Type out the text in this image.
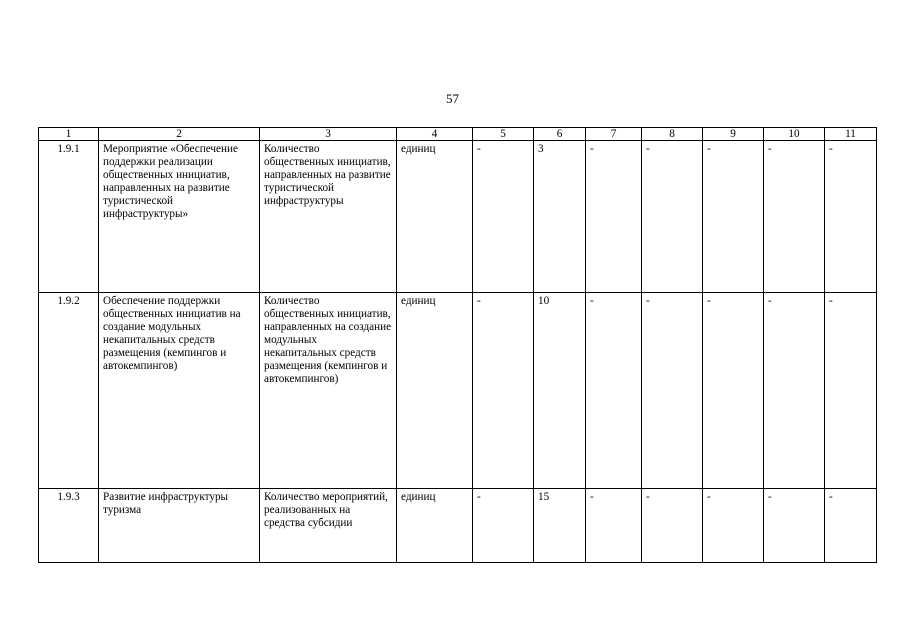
57
1	2	3	4	5	6	7	8	9	10	11
1.9.1	Мероприятие «Обеспечение поддержки реализации общественных инициатив, направленных на развитие туристической инфраструктуры»	Количество общественных инициатив, направленных на развитие туристической инфраструктуры	единиц	-	3	-	-	-	-	-
1.9.2	Обеспечение поддержки общественных инициатив на создание модульных некапитальных средств размещения (кемпингов и автокемпингов)	Количество общественных инициатив, направленных на создание модульных некапитальных средств размещения (кемпингов и автокемпингов)	единиц	-	10	-	-	-	-	-
1.9.3	Развитие инфраструктуры туризма	Количество мероприятий, реализованных на средства субсидии	единиц	-	15	-	-	-	-	-
